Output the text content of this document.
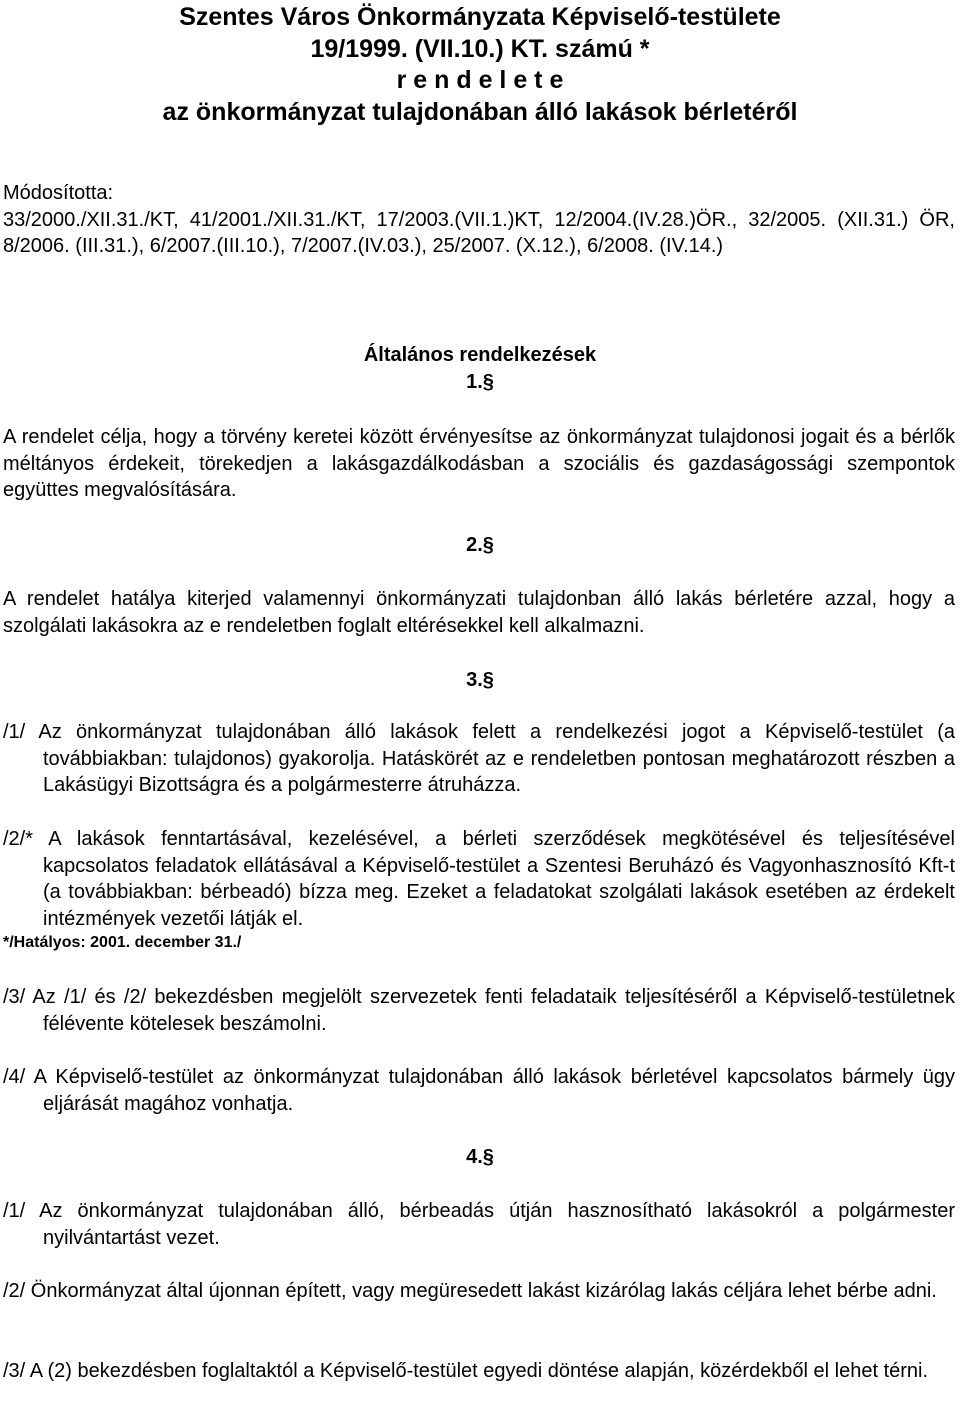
Szentes Város Önkormányzata Képviselő-testülete
19/1999. (VII.10.) KT. számú *
r e n d e l e t e
az önkormányzat tulajdonában álló lakások bérletéről
Módosította:
33/2000./XII.31./KT, 41/2001./XII.31./KT, 17/2003.(VII.1.)KT, 12/2004.(IV.28.)ÖR., 32/2005. (XII.31.) ÖR, 8/2006. (III.31.), 6/2007.(III.10.), 7/2007.(IV.03.), 25/2007. (X.12.), 6/2008. (IV.14.)
Általános rendelkezések
1.§
A rendelet célja, hogy a törvény keretei között érvényesítse az önkormányzat tulajdonosi jogait és a bérlők méltányos érdekeit, törekedjen a lakásgazdálkodásban a szociális és gazdaságossági szempontok együttes megvalósítására.
2.§
A rendelet hatálya kiterjed valamennyi önkormányzati tulajdonban álló lakás bérletére azzal, hogy a szolgálati lakásokra az e rendeletben foglalt eltérésekkel kell alkalmazni.
3.§
/1/ Az önkormányzat tulajdonában álló lakások felett a rendelkezési jogot a Képviselő-testület (a továbbiakban: tulajdonos) gyakorolja. Hatáskörét az e rendeletben pontosan meghatározott részben a Lakásügyi Bizottságra és a polgármesterre átruházza.
/2/* A lakások fenntartásával, kezelésével, a bérleti szerződések megkötésével és teljesítésével kapcsolatos feladatok ellátásával a Képviselő-testület a Szentesi Beruházó és Vagyonhasznosító Kft-t (a továbbiakban: bérbeadó) bízza meg. Ezeket a feladatokat szolgálati lakások esetében az érdekelt intézmények vezetői látják el.
*/Hatályos: 2001. december 31./
/3/ Az /1/ és /2/ bekezdésben megjelölt szervezetek fenti feladataik teljesítéséről a Képviselő-testületnek félévente kötelesek beszámolni.
/4/ A Képviselő-testület az önkormányzat tulajdonában álló lakások bérletével kapcsolatos bármely ügy eljárását magához vonhatja.
4.§
/1/ Az önkormányzat tulajdonában álló, bérbeadás útján hasznosítható lakásokról a polgármester nyilvántartást vezet.
/2/ Önkormányzat által újonnan épített, vagy megüresedett lakást kizárólag lakás céljára lehet bérbe adni.
/3/ A (2) bekezdésben foglaltaktól a Képviselő-testület egyedi döntése alapján, közérdekből el lehet térni.
